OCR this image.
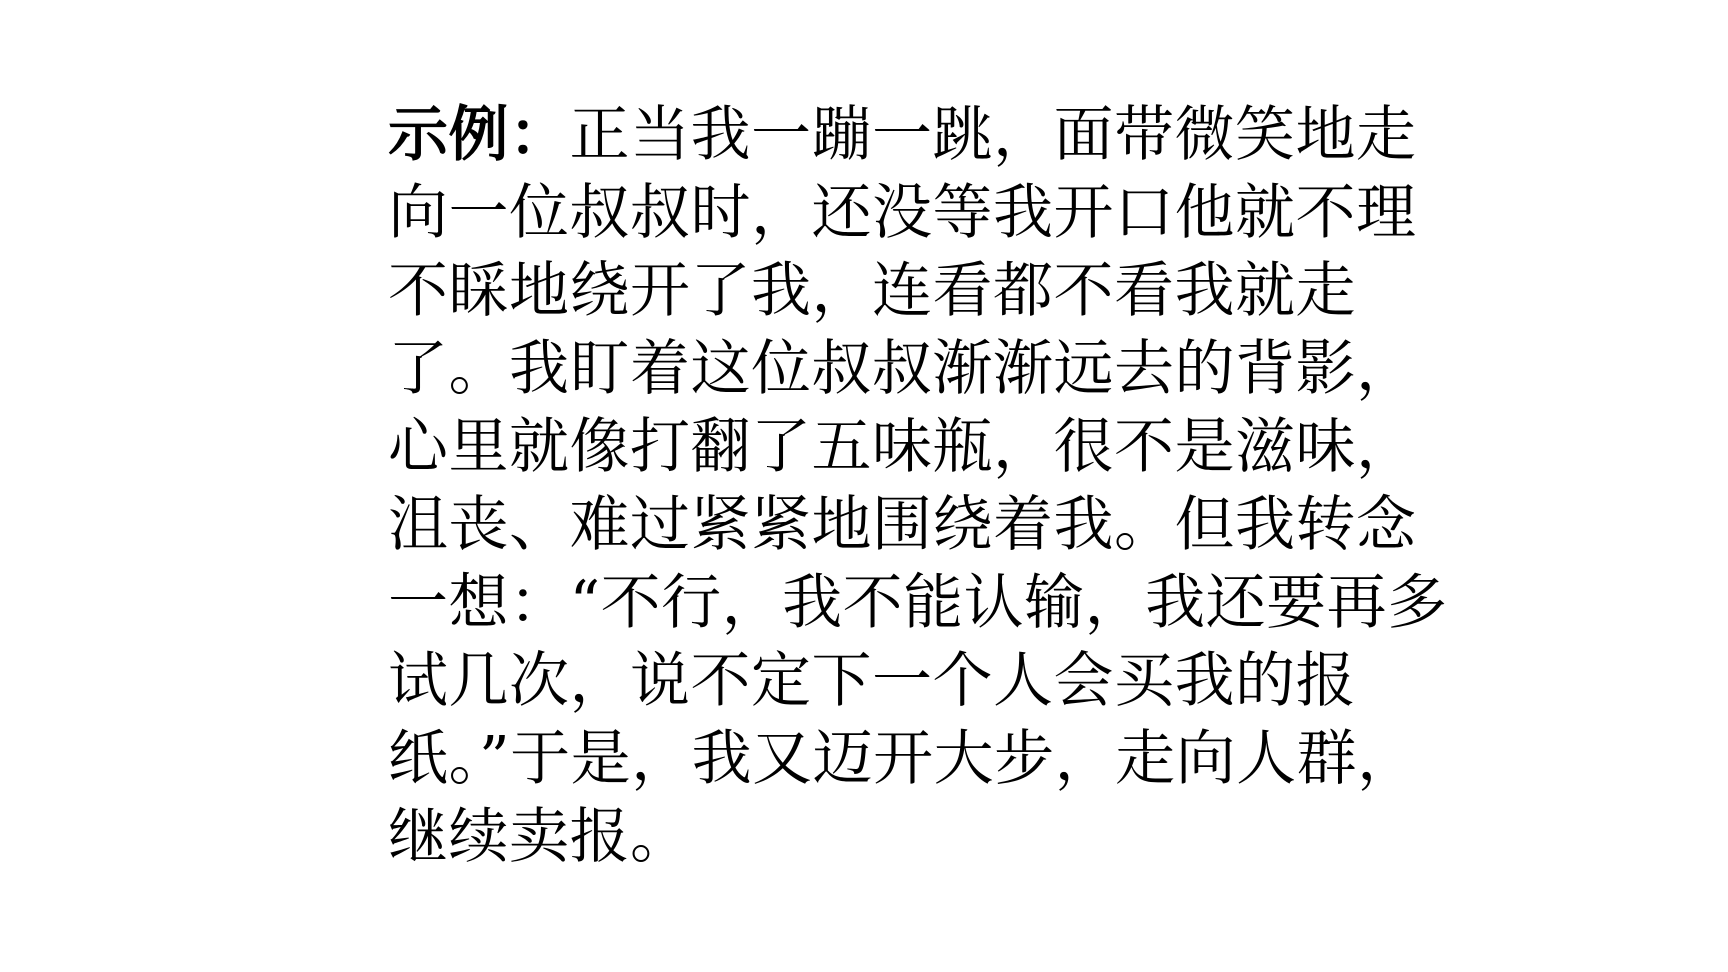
示例：正当我一蹦一跳，面带微笑地走向一位叔叔时，还没等我开口他就不理不睬地绕开了我，连看都不看我就走了。我盯着这位叔叔渐渐远去的背影，心里就像打翻了五味瓶，很不是滋味，沮丧、难过紧紧地围绕着我。但我转念一想：“不行，我不能认输，我还要再多试几次，说不定下一个人会买我的报纸。”于是，我又迈开大步，走向人群，继续卖报。
